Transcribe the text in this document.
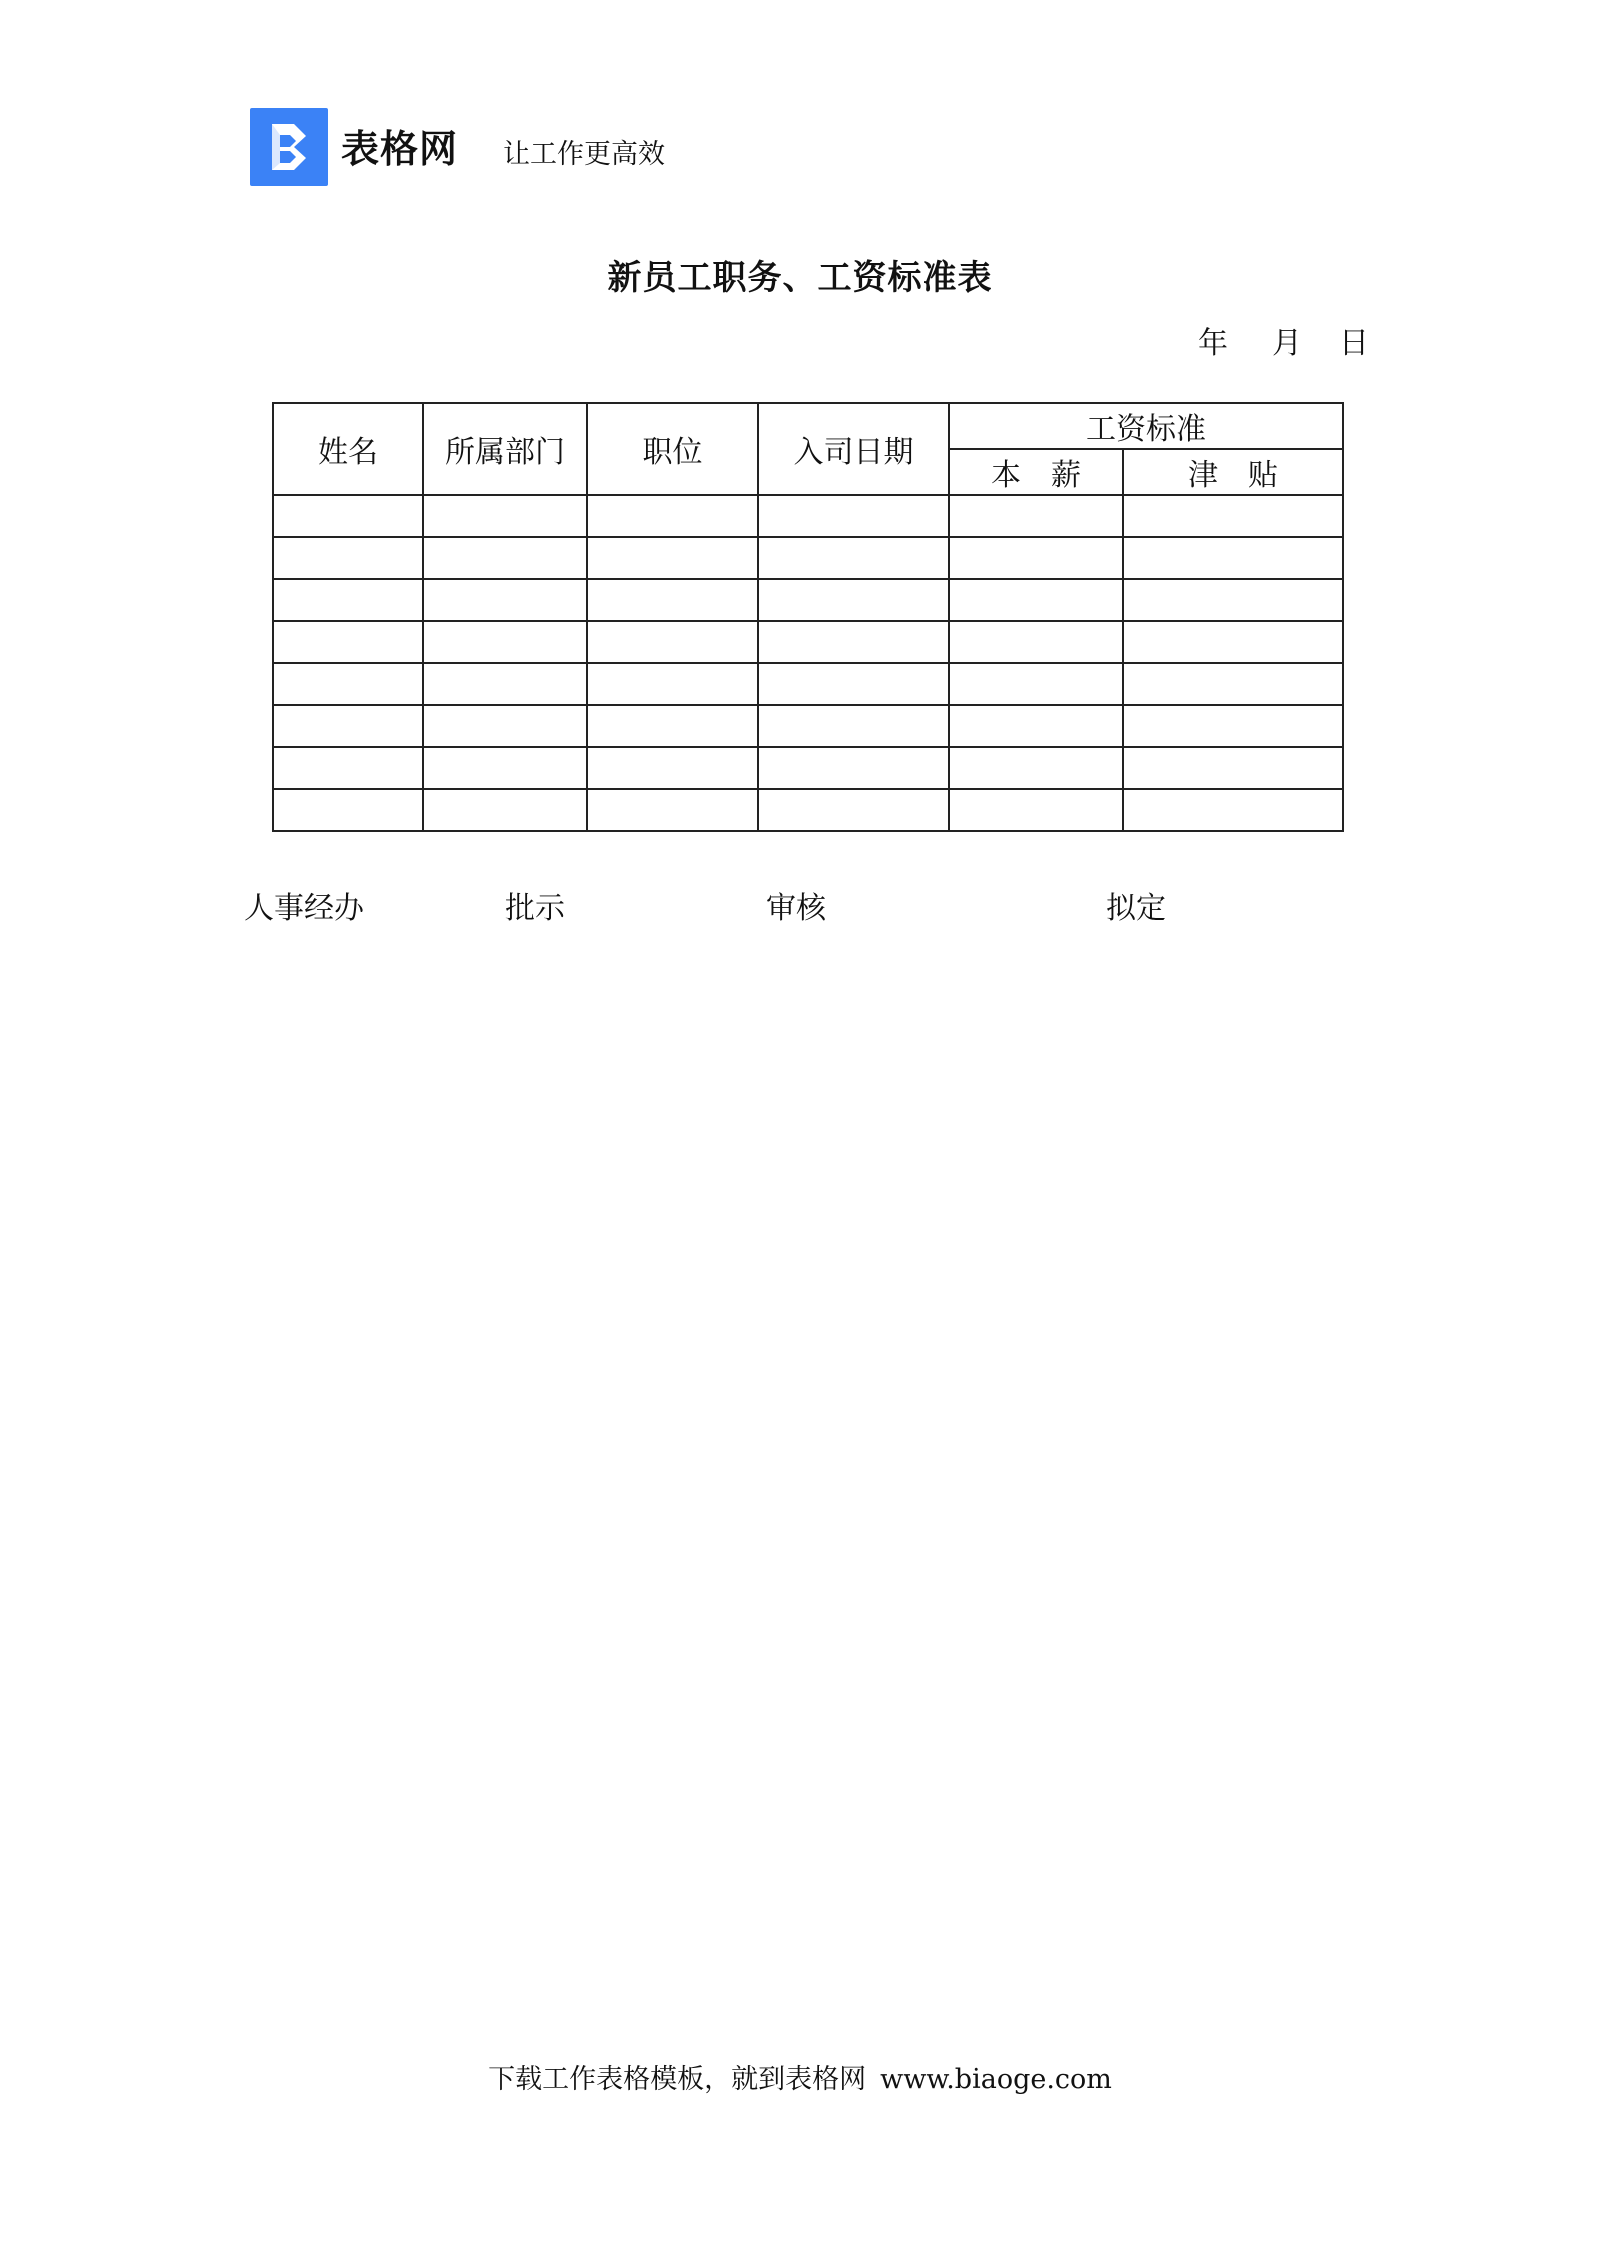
表格网 让工作更高效
新员工职务、工资标准表
年 月 日
姓名	所属部门	职位	入司日期	工资标准	
				本　薪	津　贴

人事经办	批示	审核	拟定
下载工作表格模板，就到表格网 www.biaoge.com
